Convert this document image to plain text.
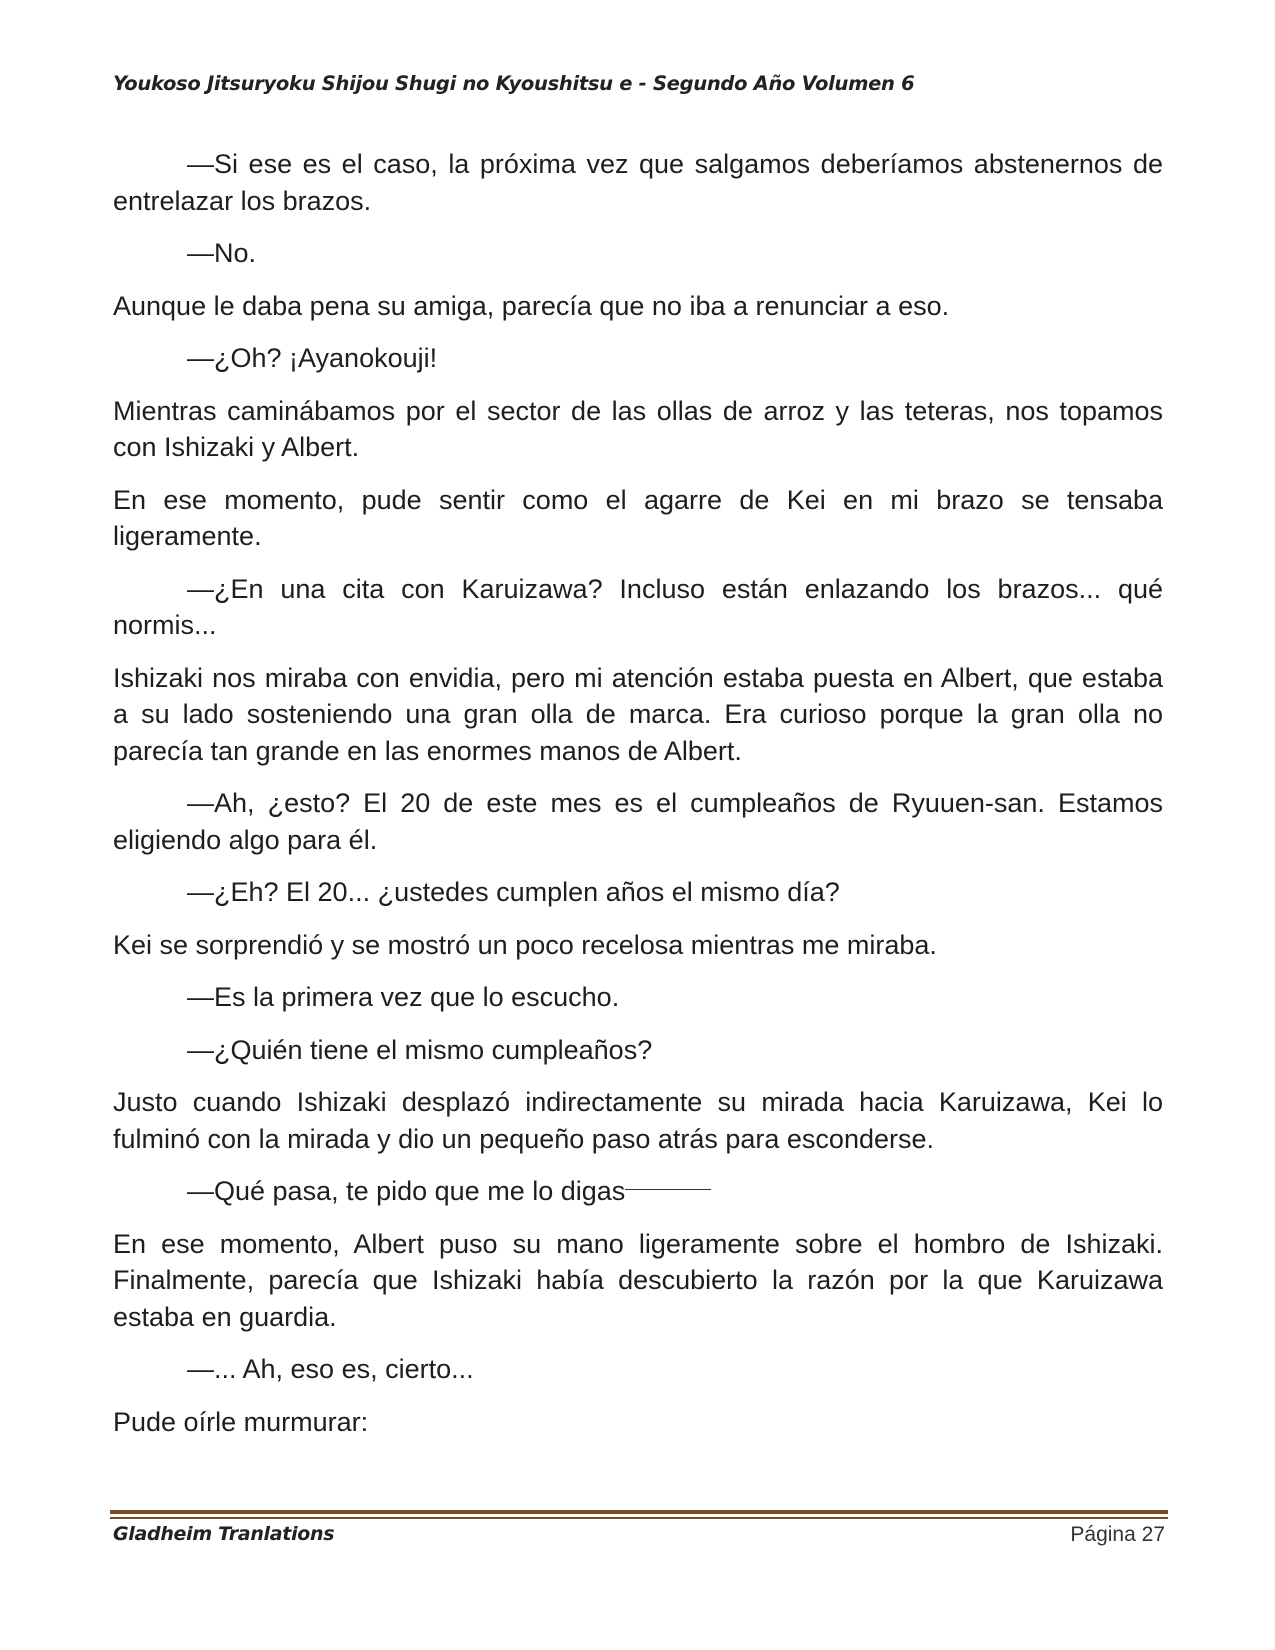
Youkoso Jitsuryoku Shijou Shugi no Kyoushitsu e - Segundo Año Volumen 6

—Si ese es el caso, la próxima vez que salgamos deberíamos abstenernos de entrelazar los brazos.

—No.

Aunque le daba pena su amiga, parecía que no iba a renunciar a eso.

—¿Oh? ¡Ayanokouji!

Mientras caminábamos por el sector de las ollas de arroz y las teteras, nos topamos con Ishizaki y Albert.

En ese momento, pude sentir como el agarre de Kei en mi brazo se tensaba ligeramente.

—¿En una cita con Karuizawa? Incluso están enlazando los brazos... qué normis...

Ishizaki nos miraba con envidia, pero mi atención estaba puesta en Albert, que estaba a su lado sosteniendo una gran olla de marca. Era curioso porque la gran olla no parecía tan grande en las enormes manos de Albert.

—Ah, ¿esto? El 20 de este mes es el cumpleaños de Ryuuen-san. Estamos eligiendo algo para él.

—¿Eh? El 20... ¿ustedes cumplen años el mismo día?

Kei se sorprendió y se mostró un poco recelosa mientras me miraba.

—Es la primera vez que lo escucho.

—¿Quién tiene el mismo cumpleaños?

Justo cuando Ishizaki desplazó indirectamente su mirada hacia Karuizawa, Kei lo fulminó con la mirada y dio un pequeño paso atrás para esconderse.

—Qué pasa, te pido que me lo digas

En ese momento, Albert puso su mano ligeramente sobre el hombro de Ishizaki. Finalmente, parecía que Ishizaki había descubierto la razón por la que Karuizawa estaba en guardia.

—... Ah, eso es, cierto...

Pude oírle murmurar:

Gladheim Tranlations	Página 27
